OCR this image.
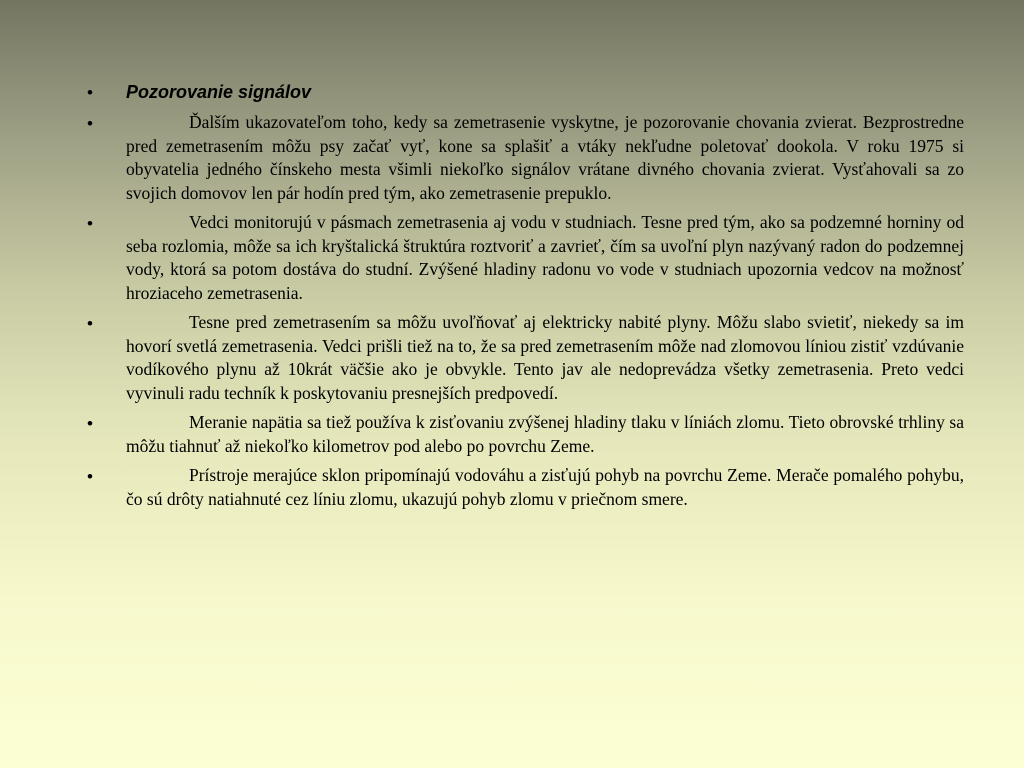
• Pozorovanie signálov

•	Ďalším ukazovateľom toho, kedy sa zemetrasenie vyskytne, je pozorovanie chovania zvierat. Bezprostredne pred zemetrasením môžu psy začať vyť, kone sa splašiť a vtáky nekľudne poletovať dookola. V roku 1975 si obyvatelia jedného čínskeho mesta všimli niekoľko signálov vrátane divného chovania zvierat. Vysťahovali sa zo svojich domovov len pár hodín pred tým, ako zemetrasenie prepuklo.

•	Vedci monitorujú v pásmach zemetrasenia aj vodu v studniach. Tesne pred tým, ako sa podzemné horniny od seba rozlomia, môže sa ich kryštalická štruktúra roztvoriť a zavrieť, čím sa uvoľní plyn nazývaný radon do podzemnej vody, ktorá sa potom dostáva do studní. Zvýšené hladiny radonu vo vode v studniach upozornia vedcov na možnosť hroziaceho zemetrasenia.

•	Tesne pred zemetrasením sa môžu uvoľňovať aj elektricky nabité plyny. Môžu slabo svietiť, niekedy sa im hovorí svetlá zemetrasenia. Vedci prišli tiež na to, že sa pred zemetrasením môže nad zlomovou líniou zistiť vzdúvanie vodíkového plynu až 10krát väčšie ako je obvykle. Tento jav ale nedoprevádza všetky zemetrasenia. Preto vedci vyvinuli radu techník k poskytovaniu presnejších predpovedí.

•	Meranie napätia sa tiež používa k zisťovaniu zvýšenej hladiny tlaku v líniách zlomu. Tieto obrovské trhliny sa môžu tiahnuť až niekoľko kilometrov pod alebo po povrchu Zeme.

•	Prístroje merajúce sklon pripomínajú vodováhu a zisťujú pohyb na povrchu Zeme. Merače pomalého pohybu, čo sú drôty natiahnuté cez líniu zlomu, ukazujú pohyb zlomu v priečnom smere.
